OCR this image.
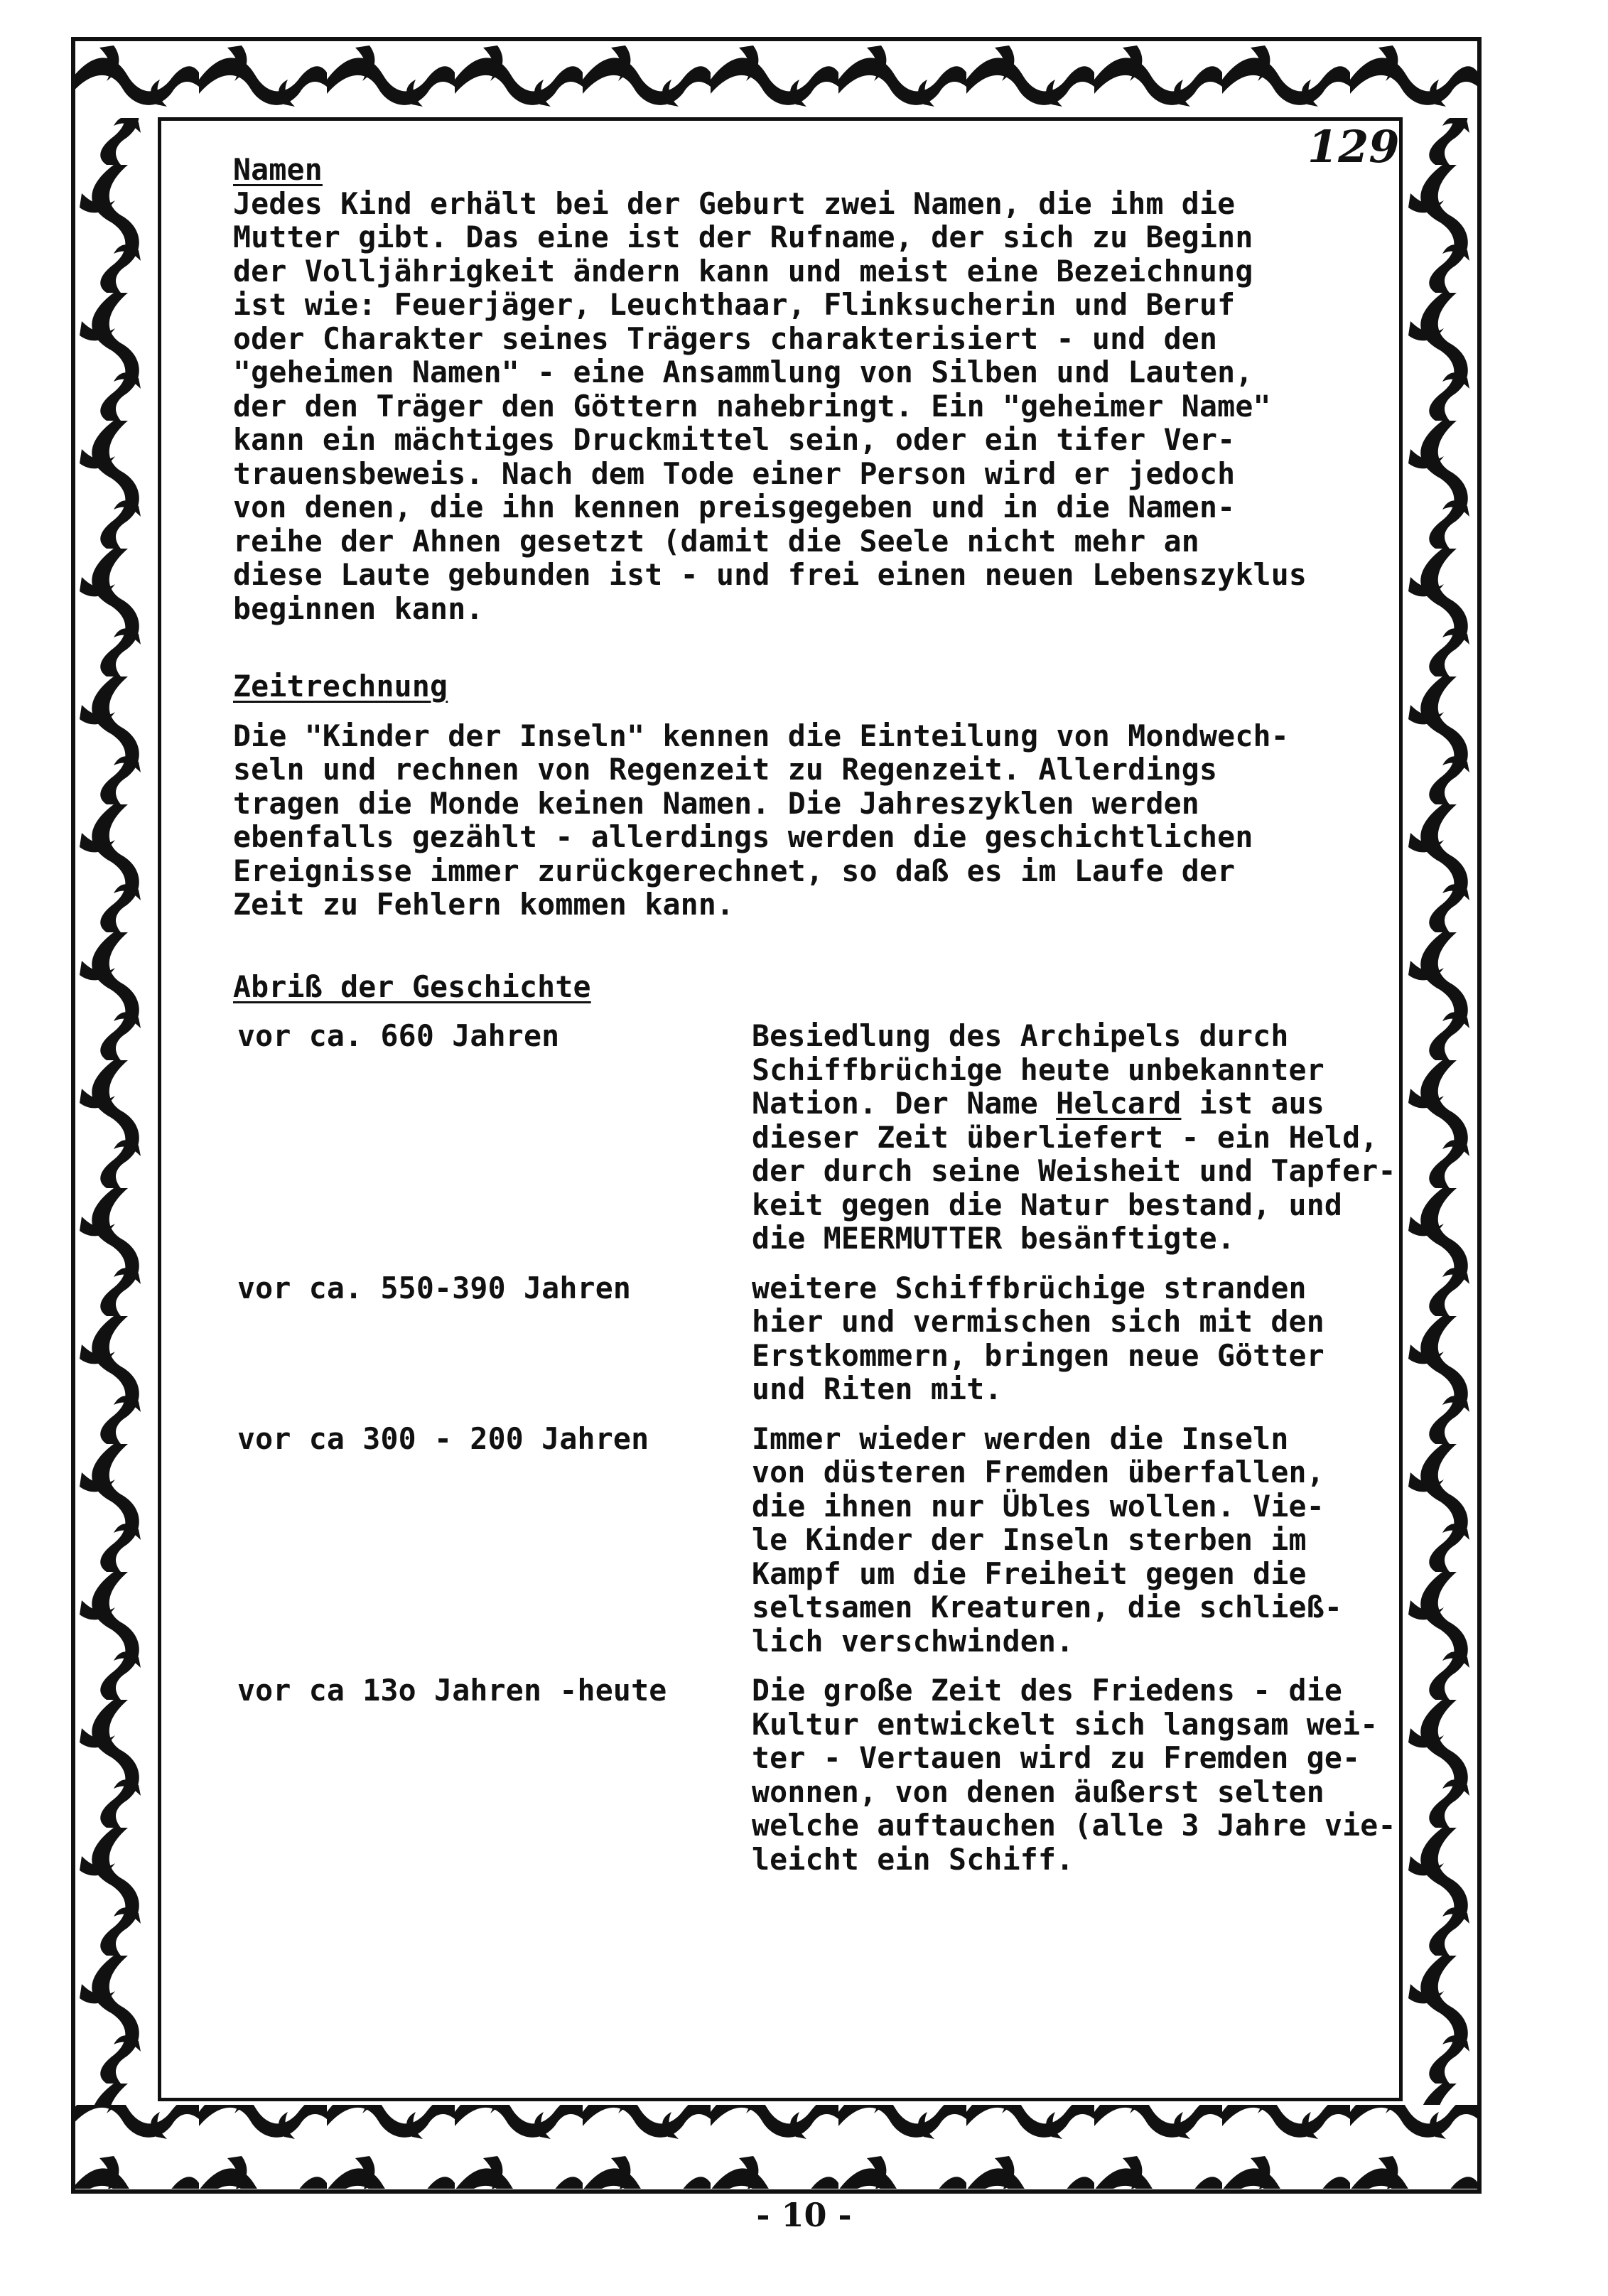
129
Namen

Jedes Kind erhält bei der Geburt zwei Namen, die ihm die
Mutter gibt. Das eine ist der Rufname, der sich zu Beginn
der Volljährigkeit ändern kann und meist eine Bezeichnung
ist wie: Feuerjäger, Leuchthaar, Flinksucherin und Beruf
oder Charakter seines Trägers charakterisiert - und den
"geheimen Namen" - eine Ansammlung von Silben und Lauten,
der den Träger den Göttern nahebringt. Ein "geheimer Name"
kann ein mächtiges Druckmittel sein, oder ein tifer Ver-
trauensbeweis. Nach dem Tode einer Person wird er jedoch
von denen, die ihn kennen preisgegeben und in die Namen-
reihe der Ahnen gesetzt (damit die Seele nicht mehr an
diese Laute gebunden ist - und frei einen neuen Lebenszyklus
beginnen kann.

Zeitrechnung

Die "Kinder der Inseln" kennen die Einteilung von Mondwech-
seln und rechnen von Regenzeit zu Regenzeit. Allerdings
tragen die Monde keinen Namen. Die Jahreszyklen werden
ebenfalls gezählt - allerdings werden die geschichtlichen
Ereignisse immer zurückgerechnet, so daß es im Laufe der
Zeit zu Fehlern kommen kann.

Abriß der Geschichte
vor ca. 660 Jahren	Besiedlung des Archipels durch
Schiffbrüchige heute unbekannter
Nation. Der Name Helcard ist aus
dieser Zeit überliefert - ein Held,
der durch seine Weisheit und Tapfer-
keit gegen die Natur bestand, und
die MEERMUTTER besänftigte.
vor ca. 550-390 Jahren	weitere Schiffbrüchige stranden
hier und vermischen sich mit den
Erstkommern, bringen neue Götter
und Riten mit.
vor ca 300 - 200 Jahren	Immer wieder werden die Inseln
von düsteren Fremden überfallen,
die ihnen nur Übles wollen. Vie-
le Kinder der Inseln sterben im
Kampf um die Freiheit gegen die
seltsamen Kreaturen, die schließ-
lich verschwinden.
vor ca 13o Jahren -heute	Die große Zeit des Friedens - die
Kultur entwickelt sich langsam wei-
ter - Vertauen wird zu Fremden ge-
wonnen, von denen äußerst selten
welche auftauchen (alle 3 Jahre vie-
leicht ein Schiff.
- 10 -
